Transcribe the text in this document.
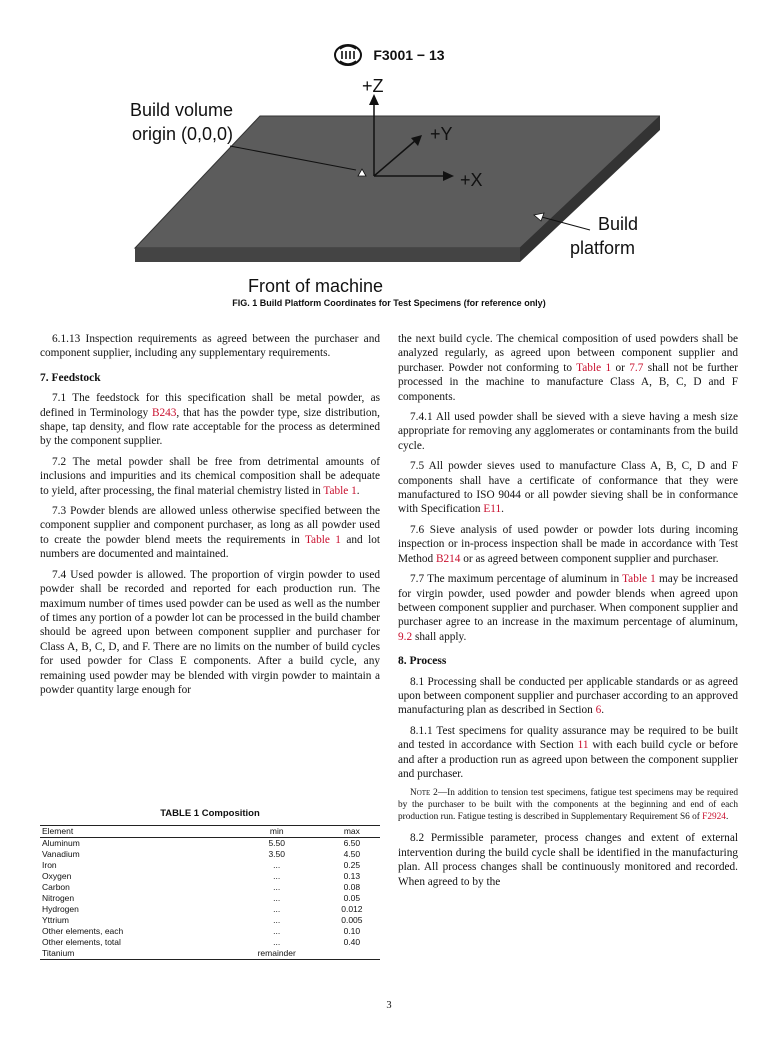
F3001 − 13
Build volume
origin (0,0,0)
+Z
+Y
+X
Build
platform
Front of machine
FIG. 1 Build Platform Coordinates for Test Specimens (for reference only)

6.1.13 Inspection requirements as agreed between the purchaser and component supplier, including any supplementary requirements.

7. Feedstock

7.1 The feedstock for this specification shall be metal powder, as defined in Terminology B243, that has the powder type, size distribution, shape, tap density, and flow rate acceptable for the process as determined by the component supplier.

7.2 The metal powder shall be free from detrimental amounts of inclusions and impurities and its chemical composition shall be adequate to yield, after processing, the final material chemistry listed in Table 1.

7.3 Powder blends are allowed unless otherwise specified between the component supplier and component purchaser, as long as all powder used to create the powder blend meets the requirements in Table 1 and lot numbers are documented and maintained.

7.4 Used powder is allowed. The proportion of virgin powder to used powder shall be recorded and reported for each production run. The maximum number of times used powder can be used as well as the number of times any portion of a powder lot can be processed in the build chamber should be agreed upon between component supplier and purchaser for Class A, B, C, D, and F. There are no limits on the number of build cycles for used powder for Class E components. After a build cycle, any remaining used powder may be blended with virgin powder to maintain a powder quantity large enough for

TABLE 1 Composition
Element	min	max
Aluminum	5.50	6.50
Vanadium	3.50	4.50
Iron	...	0.25
Oxygen	...	0.13
Carbon	...	0.08
Nitrogen	...	0.05
Hydrogen	...	0.012
Yttrium	...	0.005
Other elements, each	...	0.10
Other elements, total	...	0.40
Titanium	remainder	

the next build cycle. The chemical composition of used powders shall be analyzed regularly, as agreed upon between component supplier and purchaser. Powder not conforming to Table 1 or 7.7 shall not be further processed in the machine to manufacture Class A, B, C, D and F components.

7.4.1 All used powder shall be sieved with a sieve having a mesh size appropriate for removing any agglomerates or contaminants from the build cycle.

7.5 All powder sieves used to manufacture Class A, B, C, D and F components shall have a certificate of conformance that they were manufactured to ISO 9044 or all powder sieving shall be in conformance with Specification E11.

7.6 Sieve analysis of used powder or powder lots during incoming inspection or in-process inspection shall be made in accordance with Test Method B214 or as agreed between component supplier and purchaser.

7.7 The maximum percentage of aluminum in Table 1 may be increased for virgin powder, used powder and powder blends when agreed upon between component supplier and purchaser. When component supplier and purchaser agree to an increase in the maximum percentage of aluminum, 9.2 shall apply.

8. Process

8.1 Processing shall be conducted per applicable standards or as agreed upon between component supplier and purchaser according to an approved manufacturing plan as described in Section 6.

8.1.1 Test specimens for quality assurance may be required to be built and tested in accordance with Section 11 with each build cycle or before and after a production run as agreed upon between the component supplier and purchaser.

Note 2—In addition to tension test specimens, fatigue test specimens may be required by the purchaser to be built with the components at the beginning and end of each production run. Fatigue testing is described in Supplementary Requirement S6 of F2924.

8.2 Permissible parameter, process changes and extent of external intervention during the build cycle shall be identified in the manufacturing plan. All process changes shall be continuously monitored and recorded. When agreed to by the

3
